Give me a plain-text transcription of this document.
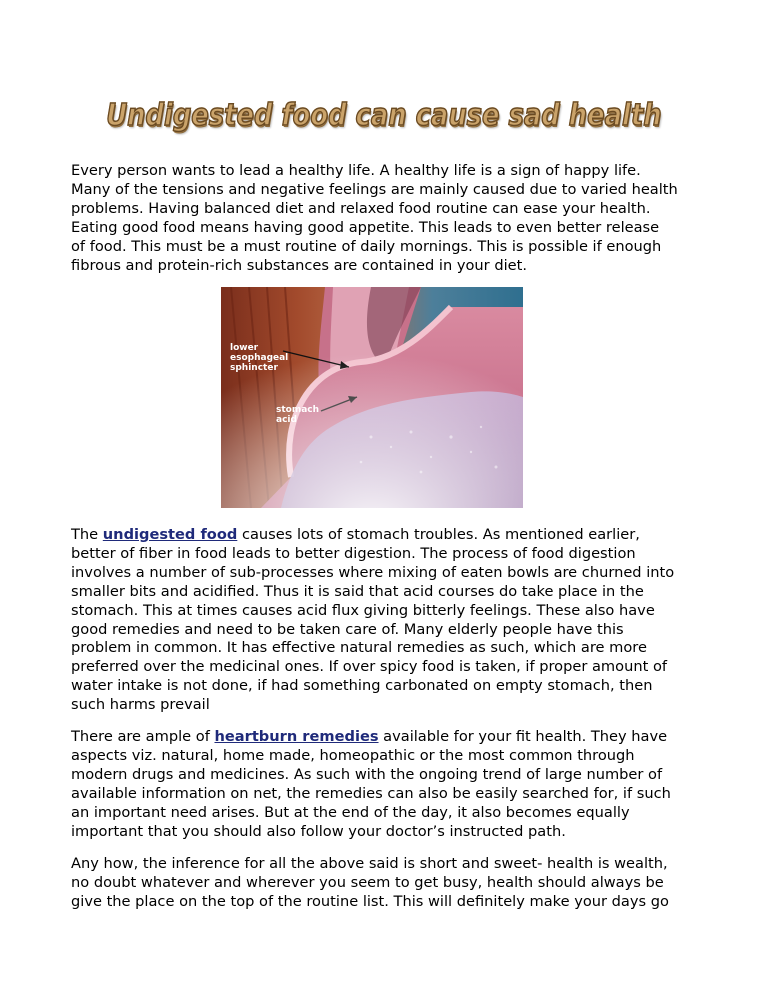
Undigested food can cause sad health

Every person wants to lead a healthy life. A healthy life is a sign of happy life.
Many of the tensions and negative feelings are mainly caused due to varied health
problems. Having balanced diet and relaxed food routine can ease your health.
Eating good food means having good appetite. This leads to even better release
of food. This must be a must routine of daily mornings. This is possible if enough
fibrous and protein-rich substances are contained in your diet.

lower
esophageal
sphincter
stomach
acid

The undigested food causes lots of stomach troubles. As mentioned earlier,
better of fiber in food leads to better digestion. The process of food digestion
involves a number of sub-processes where mixing of eaten bowls are churned into
smaller bits and acidified. Thus it is said that acid courses do take place in the
stomach. This at times causes acid flux giving bitterly feelings. These also have
good remedies and need to be taken care of. Many elderly people have this
problem in common. It has effective natural remedies as such, which are more
preferred over the medicinal ones. If over spicy food is taken, if proper amount of
water intake is not done, if had something carbonated on empty stomach, then
such harms prevail

There are ample of heartburn remedies available for your fit health. They have
aspects viz. natural, home made, homeopathic or the most common through
modern drugs and medicines. As such with the ongoing trend of large number of
available information on net, the remedies can also be easily searched for, if such
an important need arises. But at the end of the day, it also becomes equally
important that you should also follow your doctor’s instructed path.

Any how, the inference for all the above said is short and sweet- health is wealth,
no doubt whatever and wherever you seem to get busy, health should always be
give the place on the top of the routine list. This will definitely make your days go
